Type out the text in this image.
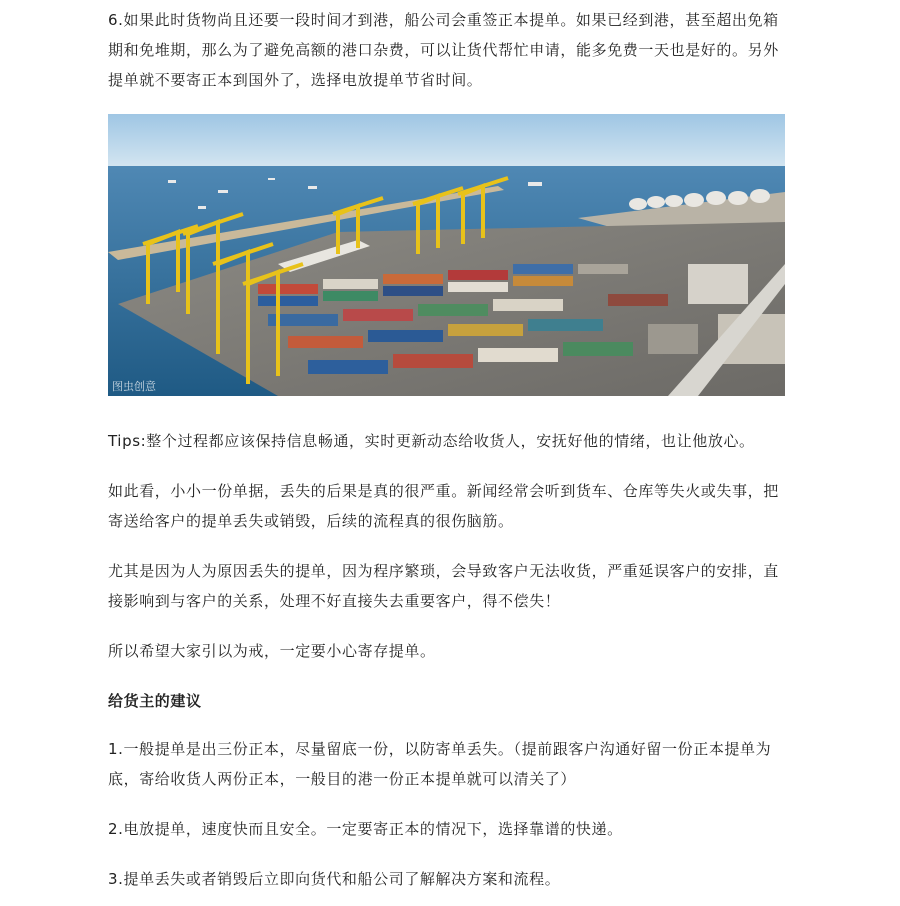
6.如果此时货物尚且还要一段时间才到港，船公司会重签正本提单。如果已经到港，甚至超出免箱期和免堆期，那么为了避免高额的港口杂费，可以让货代帮忙申请，能多免费一天也是好的。另外提单就不要寄正本到国外了，选择电放提单节省时间。

图虫创意

Tips:整个过程都应该保持信息畅通，实时更新动态给收货人，安抚好他的情绪，也让他放心。

如此看，小小一份单据，丢失的后果是真的很严重。新闻经常会听到货车、仓库等失火或失事，把寄送给客户的提单丢失或销毁，后续的流程真的很伤脑筋。

尤其是因为人为原因丢失的提单，因为程序繁琐，会导致客户无法收货，严重延误客户的安排，直接影响到与客户的关系，处理不好直接失去重要客户，得不偿失！

所以希望大家引以为戒，一定要小心寄存提单。

给货主的建议

1.一般提单是出三份正本，尽量留底一份，以防寄单丢失。（提前跟客户沟通好留一份正本提单为底，寄给收货人两份正本，一般目的港一份正本提单就可以清关了）

2.电放提单，速度快而且安全。一定要寄正本的情况下，选择靠谱的快递。

3.提单丢失或者销毁后立即向货代和船公司了解解决方案和流程。
